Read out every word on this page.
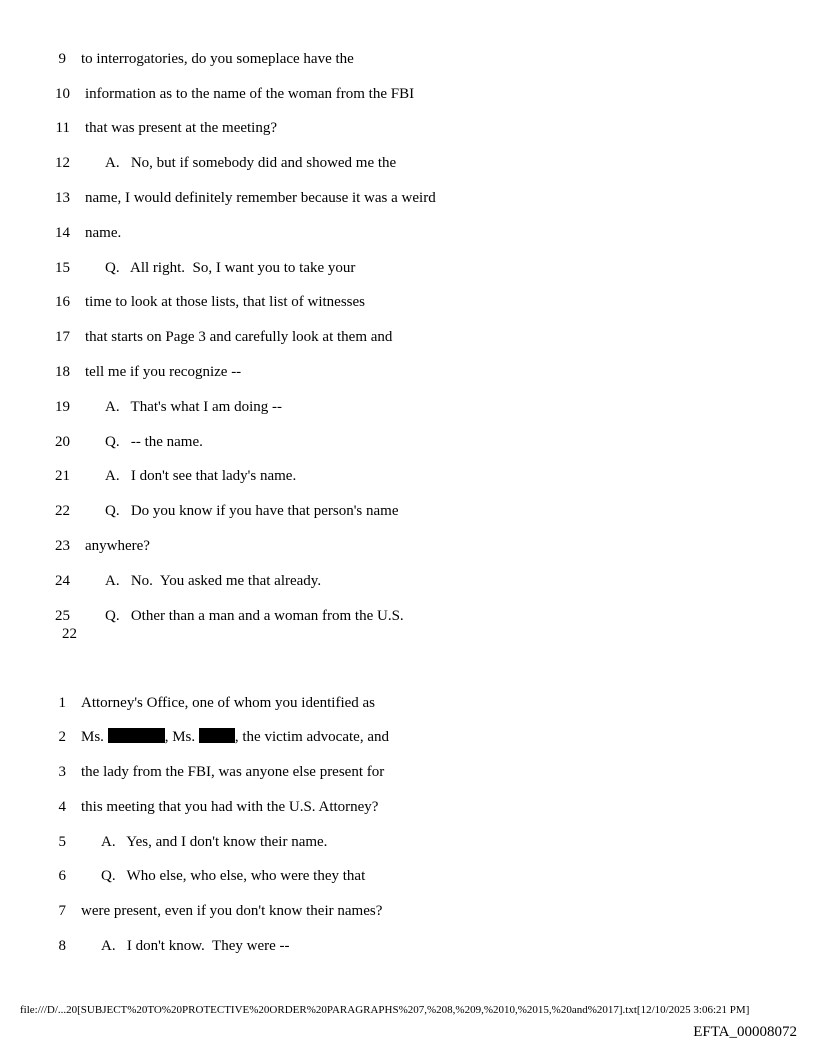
9 to interrogatories, do you someplace have the
10 information as to the name of the woman from the FBI
11 that was present at the meeting?
12 A.   No, but if somebody did and showed me the
13 name, I would definitely remember because it was a weird
14 name.
15 Q.   All right.  So, I want you to take your
16 time to look at those lists, that list of witnesses
17 that starts on Page 3 and carefully look at them and
18 tell me if you recognize --
19 A.   That's what I am doing --
20 Q.   -- the name.
21 A.   I don't see that lady's name.
22 Q.   Do you know if you have that person's name
23 anywhere?
24 A.   No.  You asked me that already.
25 Q.   Other than a man and a woman from the U.S.
22
1 Attorney's Office, one of whom you identified as
2 Ms.	, Ms. , the victim advocate, and
3 the lady from the FBI, was anyone else present for
4 this meeting that you had with the U.S. Attorney?
5 A.   Yes, and I don't know their name.
6 Q.   Who else, who else, who were they that
7 were present, even if you don't know their names?
8 A.   I don't know.  They were --
file:///D/...20[SUBJECT%20TO%20PROTECTIVE%20ORDER%20PARAGRAPHS%207,%208,%209,%2010,%2015,%20and%2017].txt[12/10/2025 3:06:21 PM]
EFTA_00008072
